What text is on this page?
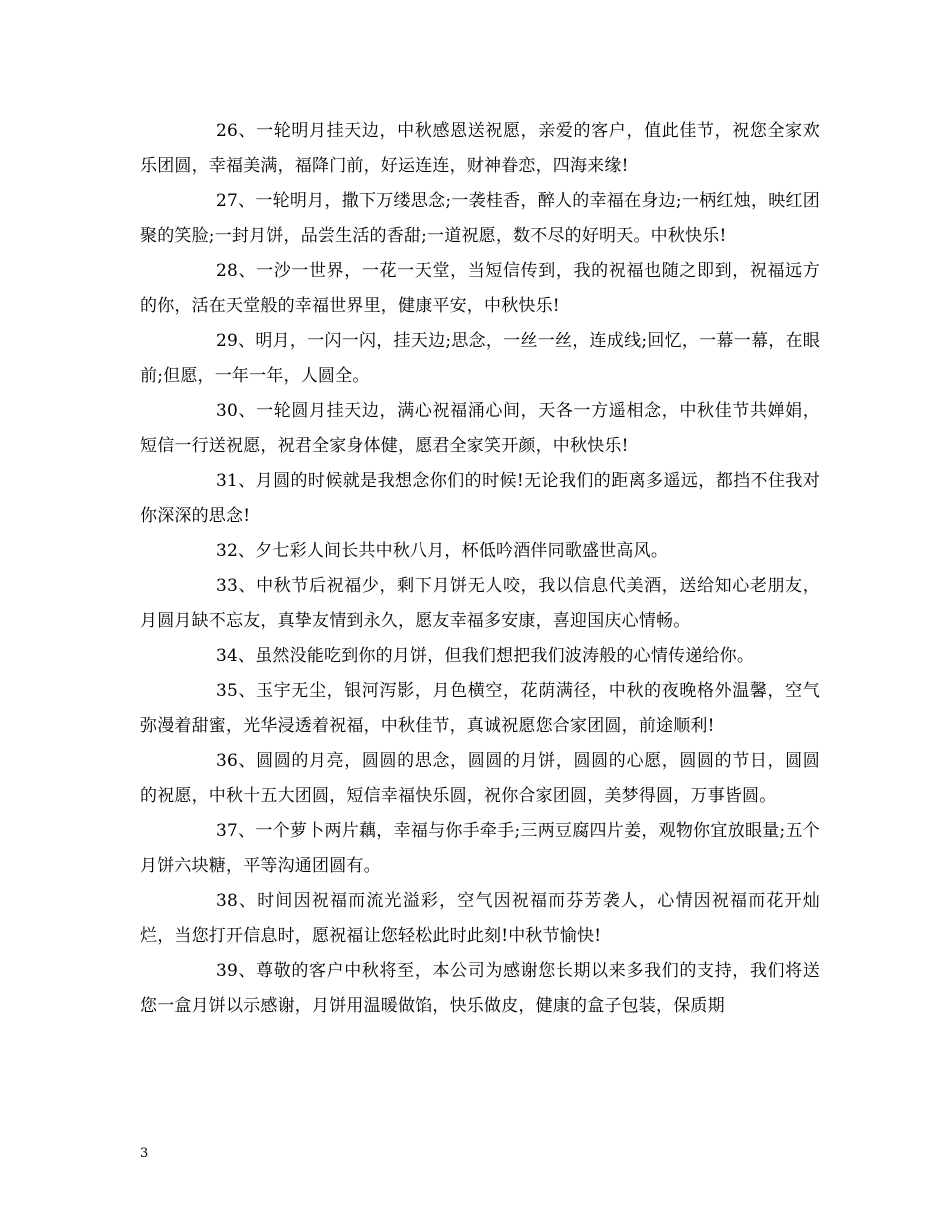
26、一轮明月挂天边，中秋感恩送祝愿，亲爱的客户，值此佳节，祝您全家欢乐团圆，幸福美满，福降门前，好运连连，财神眷恋，四海来缘!

27、一轮明月，撒下万缕思念;一袭桂香，醉人的幸福在身边;一柄红烛，映红团聚的笑脸;一封月饼，品尝生活的香甜;一道祝愿，数不尽的好明天。中秋快乐!

28、一沙一世界，一花一天堂，当短信传到，我的祝福也随之即到，祝福远方的你，活在天堂般的幸福世界里，健康平安，中秋快乐!

29、明月，一闪一闪，挂天边;思念，一丝一丝，连成线;回忆，一幕一幕，在眼前;但愿，一年一年，人圆全。

30、一轮圆月挂天边，满心祝福涌心间，天各一方遥相念，中秋佳节共婵娟，短信一行送祝愿，祝君全家身体健，愿君全家笑开颜，中秋快乐!

31、月圆的时候就是我想念你们的时候!无论我们的距离多遥远，都挡不住我对你深深的思念!

32、夕七彩人间长共中秋八月，杯低吟酒伴同歌盛世高风。

33、中秋节后祝福少，剩下月饼无人咬，我以信息代美酒，送给知心老朋友，月圆月缺不忘友，真挚友情到永久，愿友幸福多安康，喜迎国庆心情畅。

34、虽然没能吃到你的月饼，但我们想把我们波涛般的心情传递给你。

35、玉宇无尘，银河泻影，月色横空，花荫满径，中秋的夜晚格外温馨，空气弥漫着甜蜜，光华浸透着祝福，中秋佳节，真诚祝愿您合家团圆，前途顺利!

36、圆圆的月亮，圆圆的思念，圆圆的月饼，圆圆的心愿，圆圆的节日，圆圆的祝愿，中秋十五大团圆，短信幸福快乐圆，祝你合家团圆，美梦得圆，万事皆圆。

37、一个萝卜两片藕，幸福与你手牵手;三两豆腐四片姜，观物你宜放眼量;五个月饼六块糖，平等沟通团圆有。

38、时间因祝福而流光溢彩，空气因祝福而芬芳袭人，心情因祝福而花开灿烂，当您打开信息时，愿祝福让您轻松此时此刻!中秋节愉快!

39、尊敬的客户中秋将至，本公司为感谢您长期以来多我们的支持，我们将送您一盒月饼以示感谢，月饼用温暖做馅，快乐做皮，健康的盒子包装，保质期

3
